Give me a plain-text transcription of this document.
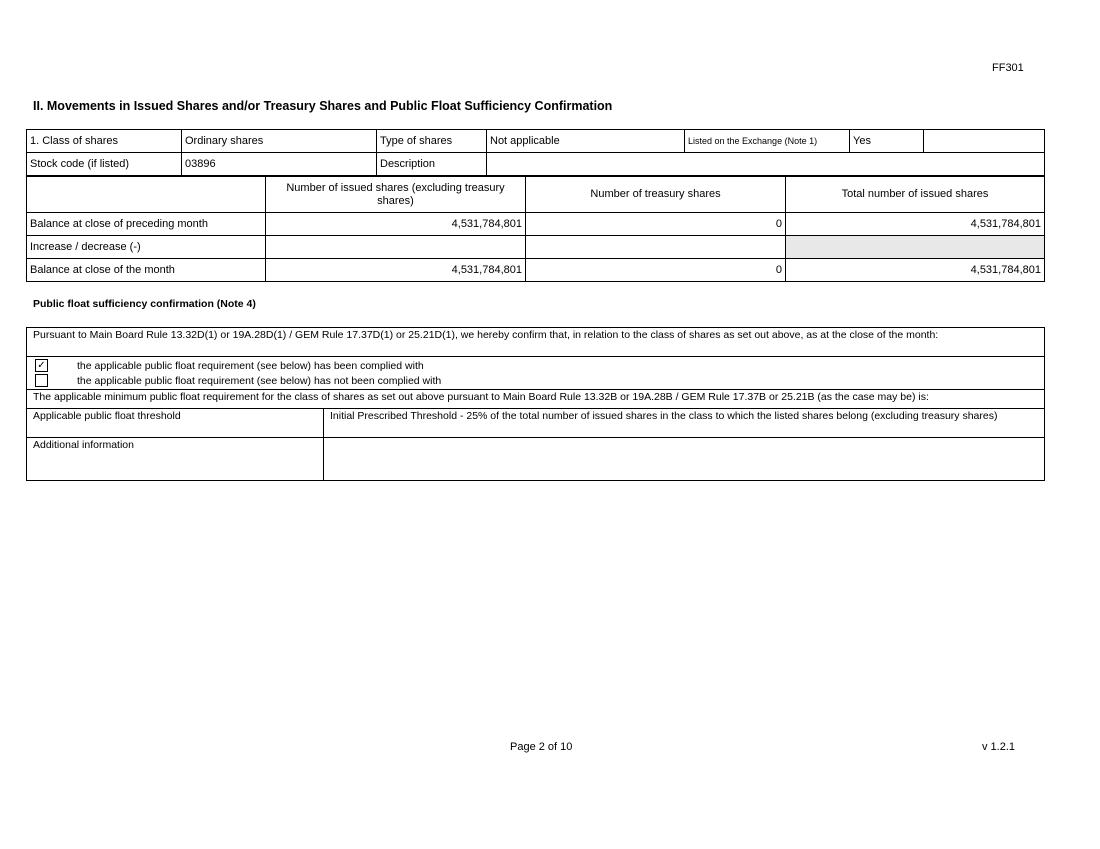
FF301
II. Movements in Issued Shares and/or Treasury Shares and Public Float Sufficiency Confirmation
1. Class of shares	Ordinary shares	Type of shares	Not applicable	Listed on the Exchange (Note 1)	Yes	
Stock code (if listed)	03896	Description				
	Number of issued shares (excluding treasury shares)	Number of treasury shares	Total number of issued shares
Balance at close of preceding month	4,531,784,801	0	4,531,784,801
Increase / decrease (-)			
Balance at close of the month	4,531,784,801	0	4,531,784,801
Public float sufficiency confirmation (Note 4)
Pursuant to Main Board Rule 13.32D(1) or 19A.28D(1) / GEM Rule 17.37D(1) or 25.21D(1), we hereby confirm that, in relation to the class of shares as set out above, as at the close of the month:	

✓ the applicable public float requirement (see below) has been complied with
the applicable public float requirement (see below) has not been complied with	

The applicable minimum public float requirement for the class of shares as set out above pursuant to Main Board Rule 13.32B or 19A.28B / GEM Rule 17.37B or 25.21B (as the case may be) is:	
Applicable public float threshold	Initial Prescribed Threshold - 25% of the total number of issued shares in the class to which the listed shares belong (excluding treasury shares)
Additional information	
Page 2 of 10	v 1.2.1
